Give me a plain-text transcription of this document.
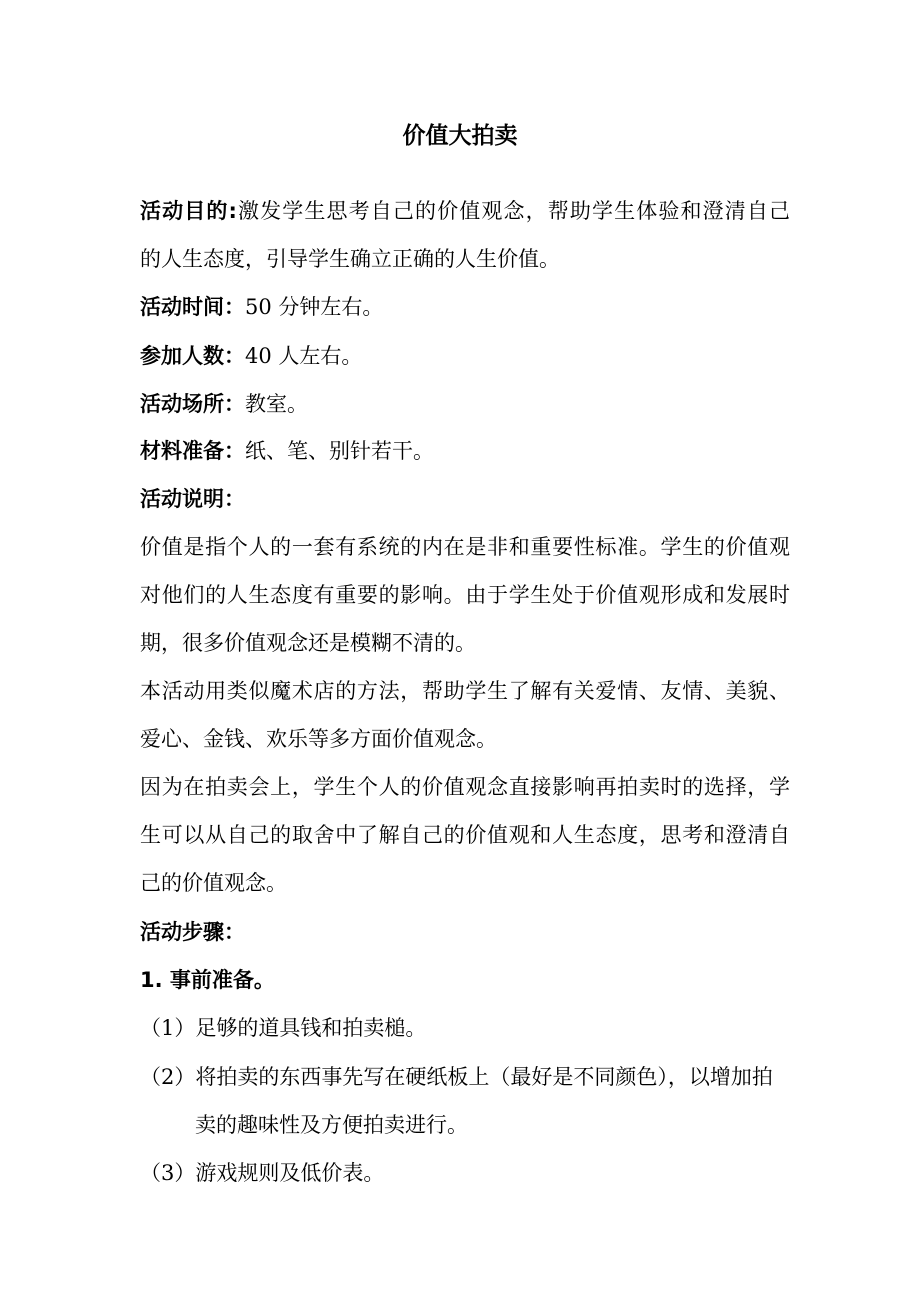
价值大拍卖
活动目的:激发学生思考自己的价值观念，帮助学生体验和澄清自己
的人生态度，引导学生确立正确的人生价值。
活动时间：50 分钟左右。
参加人数：40 人左右。
活动场所：教室。
材料准备：纸、笔、别针若干。
活动说明：
价值是指个人的一套有系统的内在是非和重要性标准。学生的价值观
对他们的人生态度有重要的影响。由于学生处于价值观形成和发展时
期，很多价值观念还是模糊不清的。
本活动用类似魔术店的方法，帮助学生了解有关爱情、友情、美貌、
爱心、金钱、欢乐等多方面价值观念。
因为在拍卖会上，学生个人的价值观念直接影响再拍卖时的选择，学
生可以从自己的取舍中了解自己的价值观和人生态度，思考和澄清自
己的价值观念。
活动步骤：
1. 事前准备。
（1）足够的道具钱和拍卖槌。
（2）将拍卖的东西事先写在硬纸板上（最好是不同颜色），以增加拍
卖的趣味性及方便拍卖进行。
（3）游戏规则及低价表。
